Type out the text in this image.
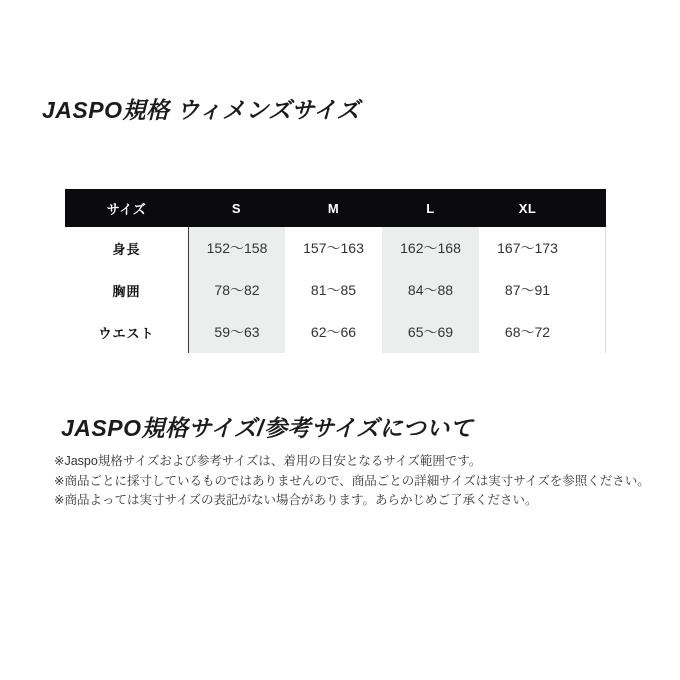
JASPO規格 ウィメンズサイズ
サイズ	S	M	L	XL
身長	152〜158	157〜163	162〜168	167〜173
胸囲	78〜82	81〜85	84〜88	87〜91
ウエスト	59〜63	62〜66	65〜69	68〜72
JASPO規格サイズ/参考サイズについて

※Jaspo規格サイズおよび参考サイズは、着用の目安となるサイズ範囲です。

※商品ごとに採寸しているものではありませんので、商品ごとの詳細サイズは実寸サイズを参照ください。

※商品よっては実寸サイズの表記がない場合があります。あらかじめご了承ください。
